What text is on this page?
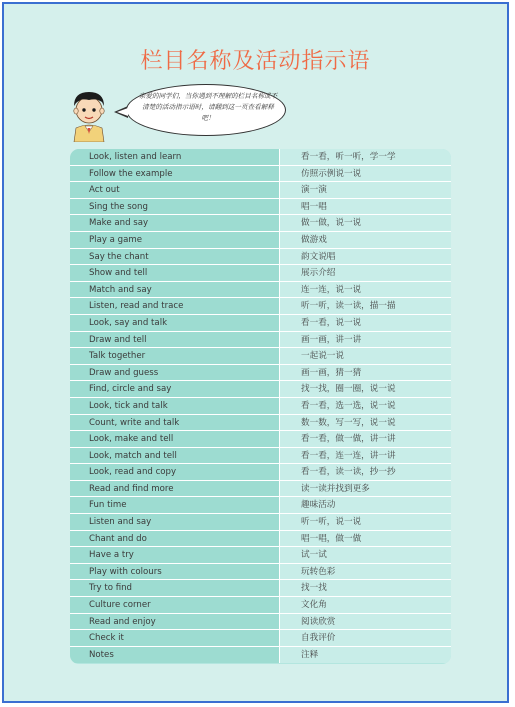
栏目名称及活动指示语
亲爱的同学们，当你遇到不理解的栏目名称或不清楚的活动指示语时，请翻到这一页查看解释吧！
Look, listen and learn	看一看，听一听，学一学
Follow the example	仿照示例说一说
Act out	演一演
Sing the song	唱一唱
Make and say	做一做，说一说
Play a game	做游戏
Say the chant	韵文说唱
Show and tell	展示介绍
Match and say	连一连，说一说
Listen, read and trace	听一听，读一读，描一描
Look, say and talk	看一看，说一说
Draw and tell	画一画，讲一讲
Talk together	一起说一说
Draw and guess	画一画，猜一猜
Find, circle and say	找一找，圈一圈，说一说
Look, tick and talk	看一看，选一选，说一说
Count, write and talk	数一数，写一写，说一说
Look, make and tell	看一看，做一做，讲一讲
Look, match and tell	看一看，连一连，讲一讲
Look, read and copy	看一看，读一读，抄一抄
Read and find more	读一读并找到更多
Fun time	趣味活动
Listen and say	听一听，说一说
Chant and do	唱一唱，做一做
Have a try	试一试
Play with colours	玩转色彩
Try to find	找一找
Culture corner	文化角
Read and enjoy	阅读欣赏
Check it	自我评价
Notes	注释
